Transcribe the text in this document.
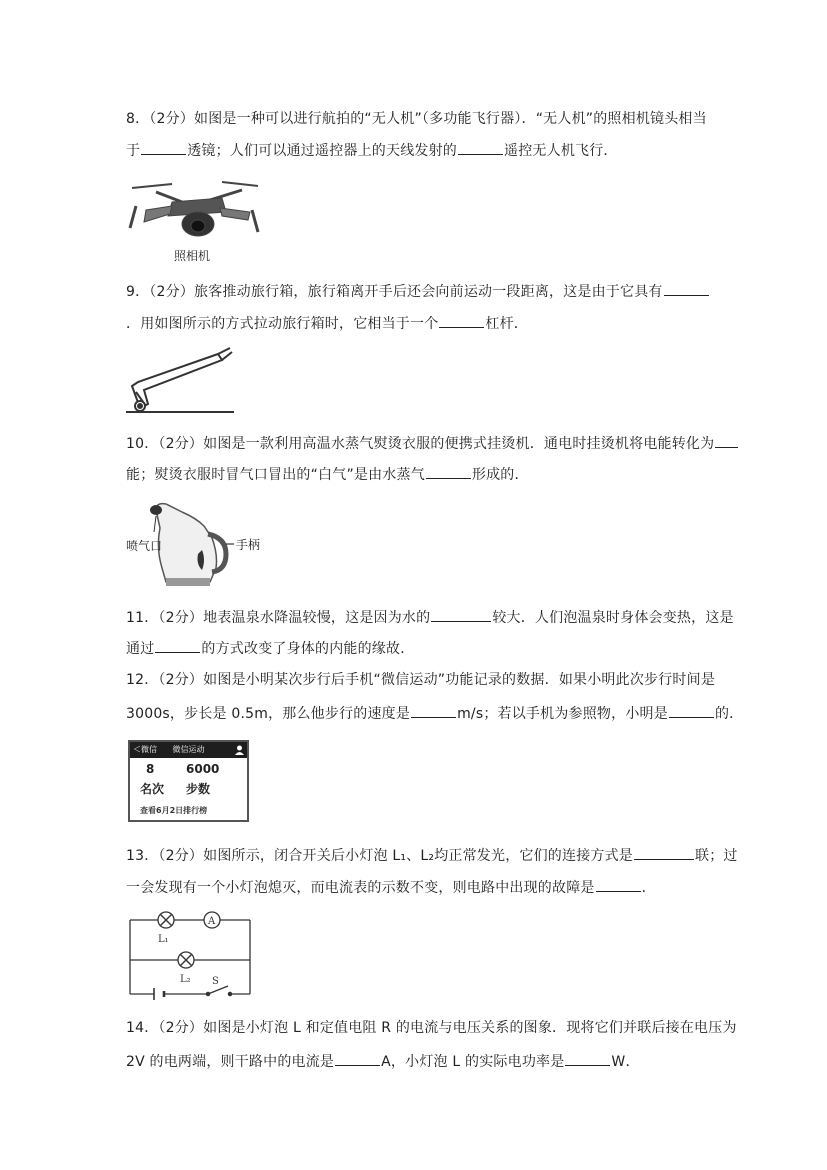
8．（2分）如图是一种可以进行航拍的“无人机”（多功能飞行器）．“无人机”的照相机镜头相当
于	透镜；人们可以通过遥控器上的天线发射的	遥控无人机飞行．
9．（2分）旅客推动旅行箱，旅行箱离开手后还会向前运动一段距离，这是由于它具有
．用如图所示的方式拉动旅行箱时，它相当于一个	杠杆．
10．（2分）如图是一款利用高温水蒸气熨烫衣服的便携式挂烫机．通电时挂烫机将电能转化为
能；熨烫衣服时冒气口冒出的“白气”是由水蒸气	形成的．
11．（2分）地表温泉水降温较慢，这是因为水的	较大．人们泡温泉时身体会变热，这是
通过	的方式改变了身体的内能的缘故．
12．（2分）如图是小明某次步行后手机“微信运动”功能记录的数据．如果小明此次步行时间是
3000s，步长是 0.5m，那么他步行的速度是	m/s；若以手机为参照物，小明是	的．
13．（2分）如图所示，闭合开关后小灯泡 L₁、L₂均正常发光，它们的连接方式是	联；过
一会发现有一个小灯泡熄灭，而电流表的示数不变，则电路中出现的故障是	．
14．（2分）如图是小灯泡 L 和定值电阻 R 的电流与电压关系的图象．现将它们并联后接在电压为
2V 的电两端，则干路中的电流是	A，小灯泡 L 的实际电功率是	W．
照相机
喷气口	手柄
＜微信	微信运动
8	6000
名次 步数
查看6月2日排行榜
A
L₁
L₂ S
